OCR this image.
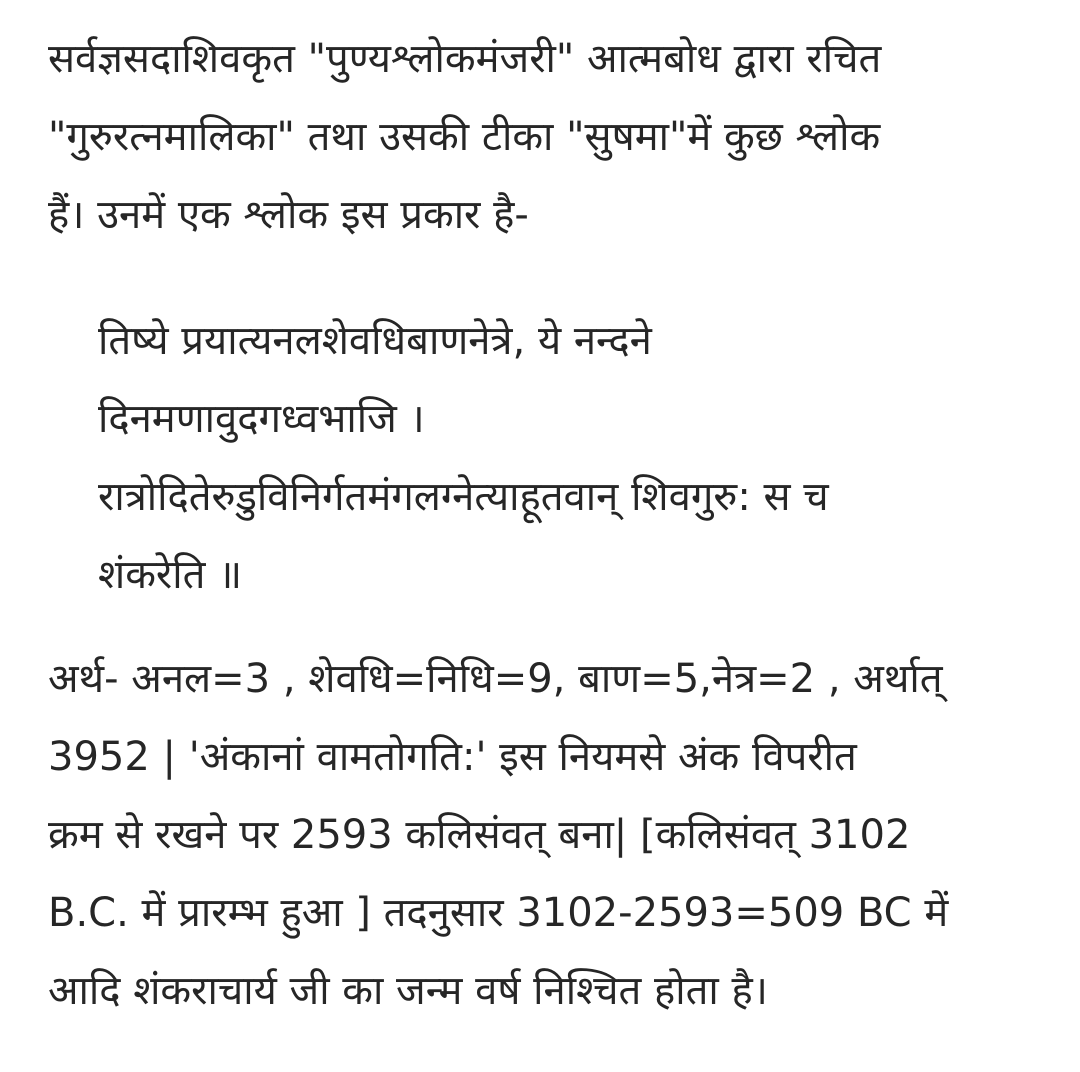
सर्वज्ञसदाशिवकृत "पुण्यश्लोकमंजरी" आत्मबोध द्वारा रचित
"गुरुरत्नमालिका" तथा उसकी टीका "सुषमा"में कुछ श्लोक
हैं। उनमें एक श्लोक इस प्रकार है-

तिष्ये प्रयात्यनलशेवधिबाणनेत्रे, ये नन्दने
दिनमणावुदगध्वभाजि ।
रात्रोदितेरुडुविनिर्गतमंगलग्नेत्याहूतवान् शिवगुरु: स च
शंकरेति ॥

अर्थ- अनल=3 , शेवधि=निधि=9, बाण=5,नेत्र=2 , अर्थात्
3952 | 'अंकानां वामतोगति:' इस नियमसे अंक विपरीत
क्रम से रखने पर 2593 कलिसंवत् बना| [कलिसंवत् 3102
B.C. में प्रारम्भ हुआ ] तदनुसार 3102-2593=509 BC में
आदि शंकराचार्य जी का जन्म वर्ष निश्चित होता है।
